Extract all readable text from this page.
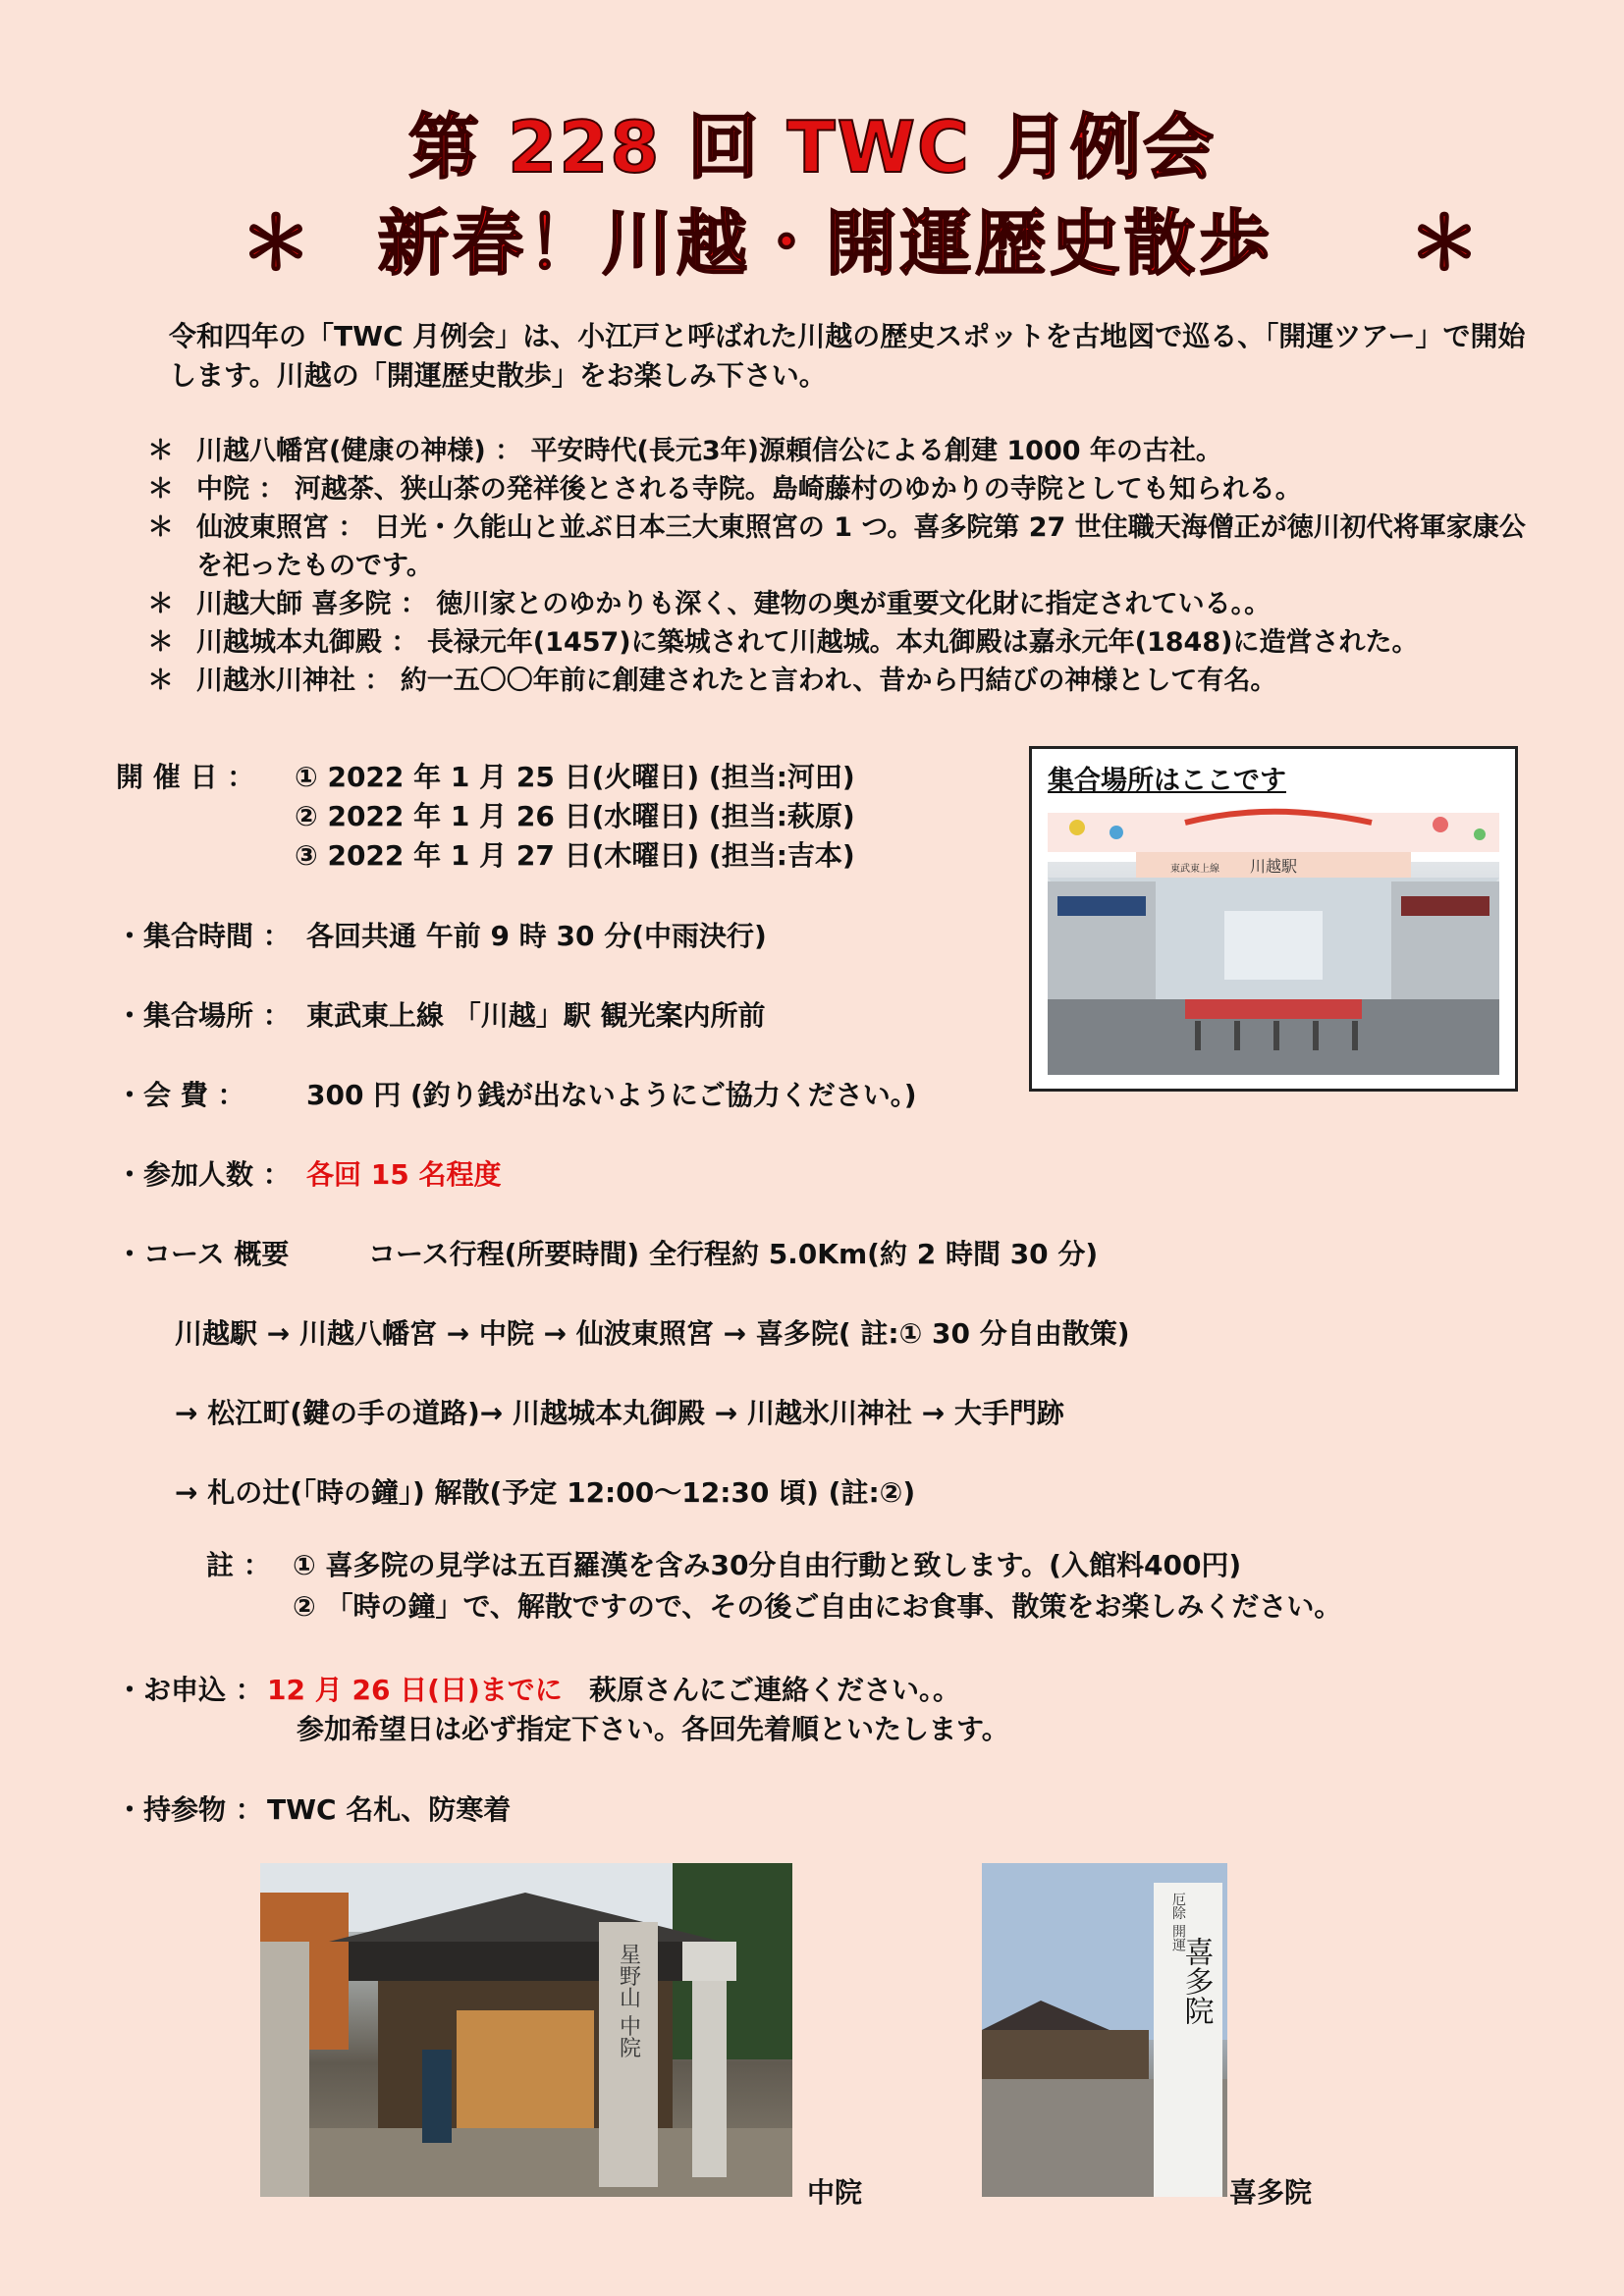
第 228 回 TWC 月例会
＊ 新春！川越・開運歴史散歩	＊
令和四年の「TWC 月例会」は、小江戸と呼ばれた川越の歴史スポットを古地図で巡る、「開運ツアー」で開始します。川越の「開運歴史散歩」をお楽しみ下さい。
＊ 川越八幡宮(健康の神様) ： 平安時代(長元3年)源頼信公による創建 1000 年の古社。
＊ 中院 ： 河越茶、狭山茶の発祥後とされる寺院。島崎藤村のゆかりの寺院としても知られる。
＊ 仙波東照宮 ： 日光・久能山と並ぶ日本三大東照宮の 1 つ。喜多院第 27 世住職天海僧正が徳川初代将軍家康公を祀ったものです。
＊ 川越大師 喜多院 ： 徳川家とのゆかりも深く、建物の奥が重要文化財に指定されている。。
＊ 川越城本丸御殿 ： 長禄元年(1457)に築城されて川越城。本丸御殿は嘉永元年(1848)に造営された。
＊ 川越氷川神社 ： 約一五〇〇年前に創建されたと言われ、昔から円結びの神様として有名。
開 催 日 ： ① 2022 年 1 月 25 日(火曜日) (担当:河田)
② 2022 年 1 月 26 日(水曜日) (担当:萩原)
③ 2022 年 1 月 27 日(木曜日) (担当:吉本)
・集合時間 ： 各回共通 午前 9 時 30 分(中雨決行)
・集合場所 ： 東武東上線 「川越」駅 観光案内所前
・会 費 ： 300 円 (釣り銭が出ないようにご協力ください。)
・参加人数 ： 各回 15 名程度
・コース 概要	コース行程(所要時間) 全行程約 5.0Km(約 2 時間 30 分)
川越駅 → 川越八幡宮 → 中院 → 仙波東照宮 → 喜多院( 註:① 30 分自由散策)
→ 松江町(鍵の手の道路)→ 川越城本丸御殿 → 川越氷川神社 → 大手門跡
→ 札の辻(「時の鐘」) 解散(予定 12:00～12:30 頃) (註:②)
註 ： ① 喜多院の見学は五百羅漢を含み30分自由行動と致します。(入館料400円)
② 「時の鐘」で、解散ですので、その後ご自由にお食事、散策をお楽しみください。
・お申込 ： 12 月 26 日(日)までに 萩原さんにご連絡ください。。
参加希望日は必ず指定下さい。各回先着順といたします。
・持参物 ： TWC 名札、防寒着
集合場所はここです
川越駅
東武東上線
星野山 中院
中院
厄除 開運
喜多院
喜多院
